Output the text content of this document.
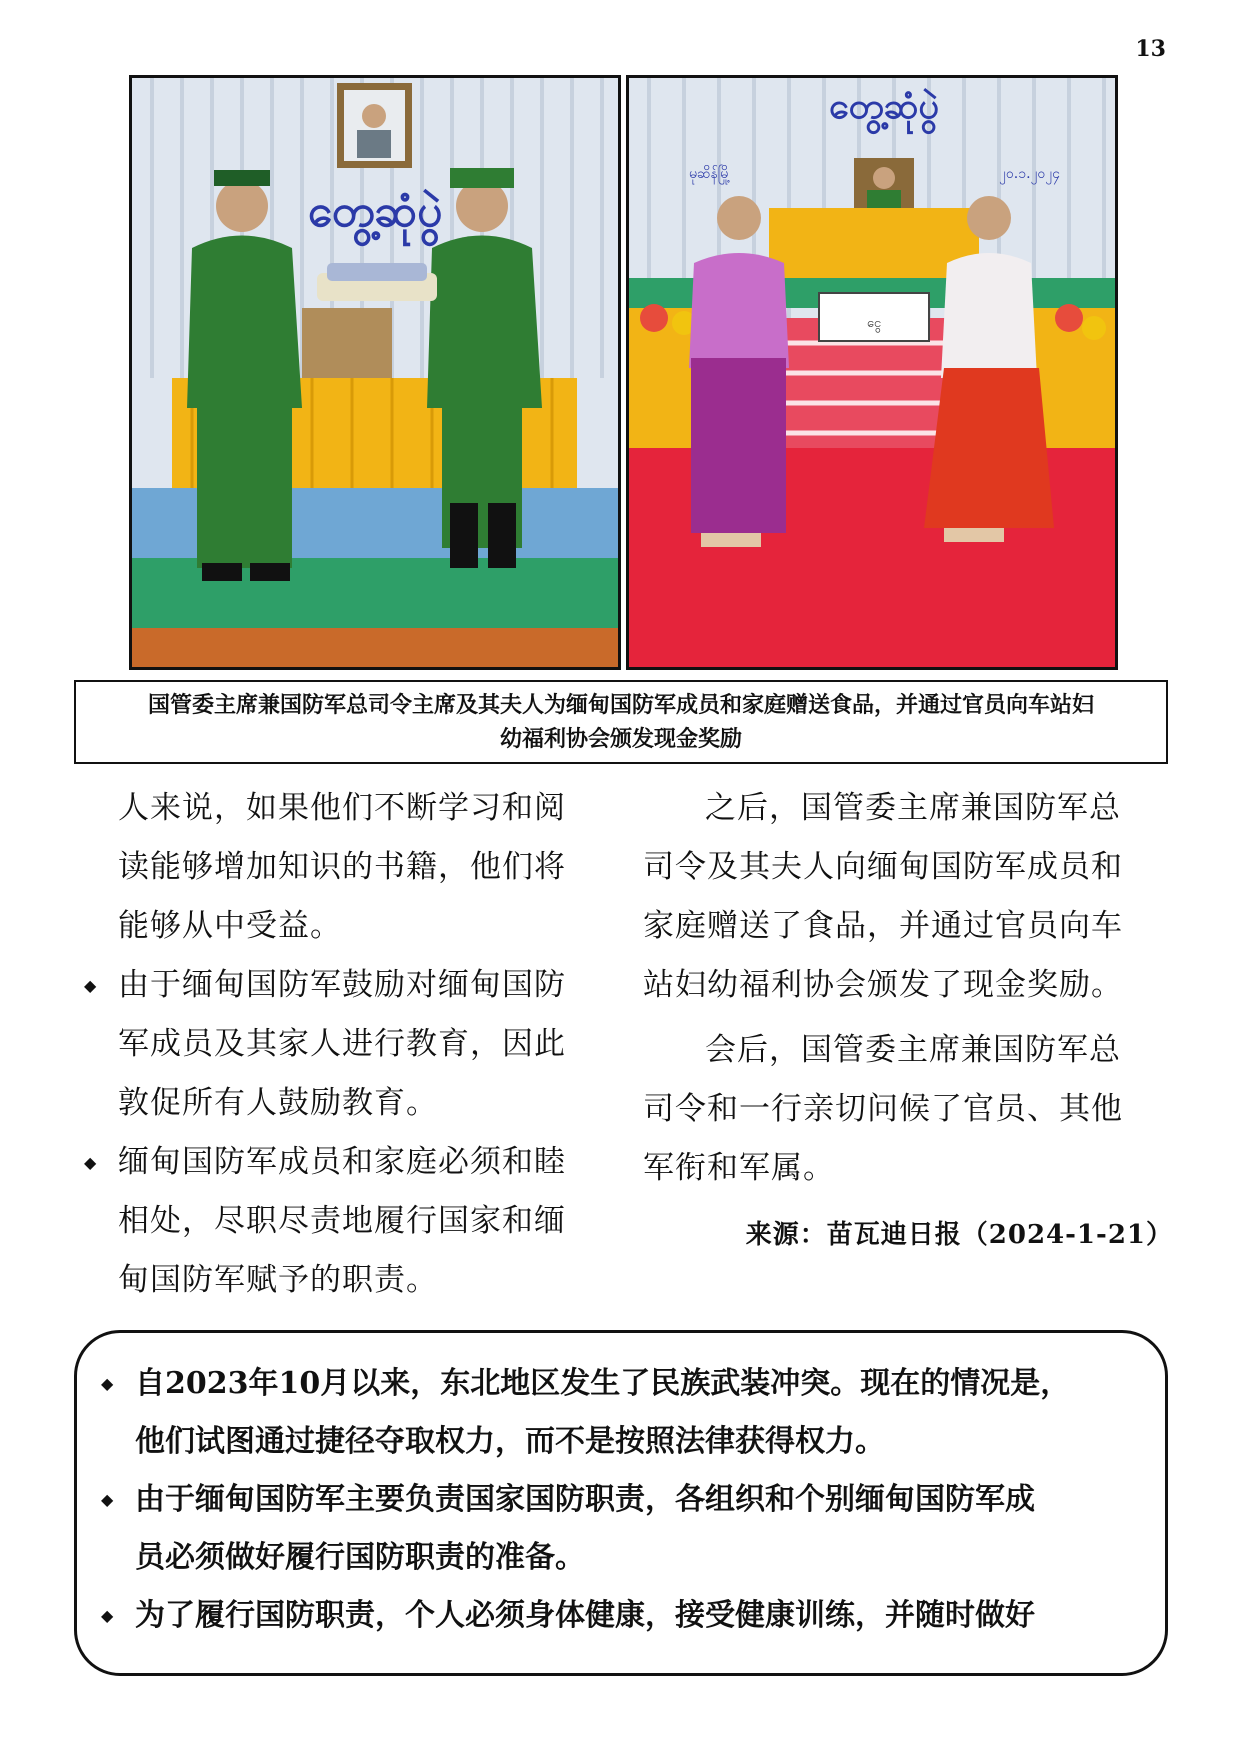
13
တွေ့ဆုံပွဲ
တွေ့ဆုံပွဲ
မုဆိန်မြို့	၂၀.၁.၂၀၂၄
ငွေ
国管委主席兼国防军总司令主席及其夫人为缅甸国防军成员和家庭赠送食品，并通过官员向车站妇
幼福利协会颁发现金奖励

人来说，如果他们不断学习和阅

读能够增加知识的书籍，他们将

能够从中受益。

◆ 由于缅甸国防军鼓励对缅甸国防

军成员及其家人进行教育，因此

敦促所有人鼓励教育。

◆ 缅甸国防军成员和家庭必须和睦

相处，尽职尽责地履行国家和缅

甸国防军赋予的职责。

之后，国管委主席兼国防军总

司令及其夫人向缅甸国防军成员和

家庭赠送了食品，并通过官员向车

站妇幼福利协会颁发了现金奖励。

会后，国管委主席兼国防军总

司令和一行亲切问候了官员、其他

军衔和军属。

来源：苗瓦迪日报（2024-1-21）

◆ 自2023年10月以来，东北地区发生了民族武装冲突。现在的情况是，

他们试图通过捷径夺取权力，而不是按照法律获得权力。

◆ 由于缅甸国防军主要负责国家国防职责，各组织和个别缅甸国防军成

员必须做好履行国防职责的准备。

◆ 为了履行国防职责，个人必须身体健康，接受健康训练，并随时做好
